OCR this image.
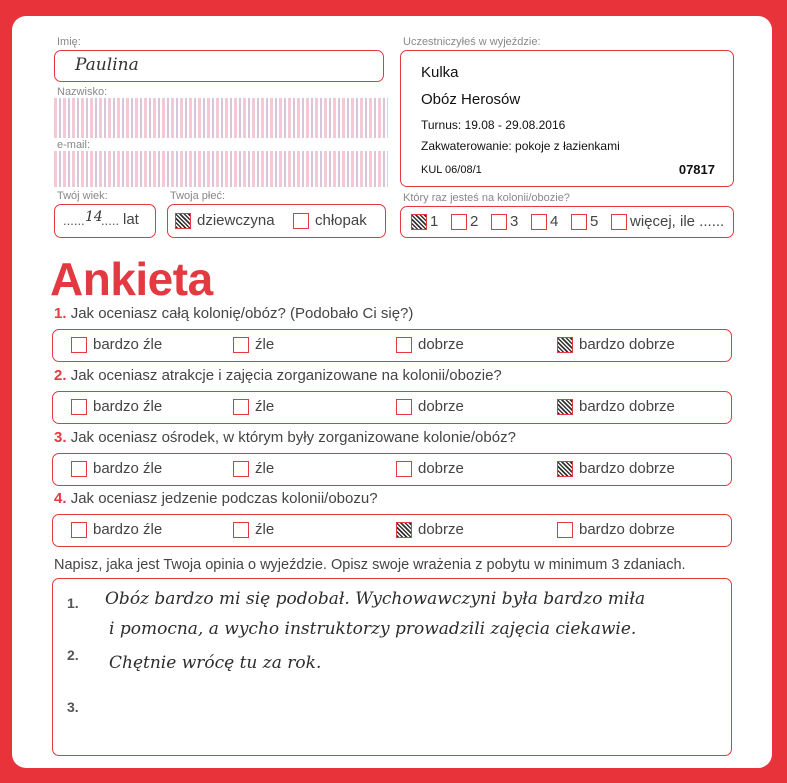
Imię:
Paulina
Nazwisko:
e-mail:
Twój wiek:
...... 14
..... lat
Twoja płeć:
dziewczyna	chłopak
Uczestniczyłeś w wyjeździe:
Kulka
Obóz Herosów
Turnus: 19.08 - 29.08.2016
Zakwaterowanie: pokoje z łazienkami
KUL 06/08/1	07817
Który raz jesteś na kolonii/obozie?
1 2 3 4 5 więcej, ile ......
Ankieta
1. Jak oceniasz całą kolonię/obóz? (Podobało Ci się?)
bardzo źle	źle	dobrze	bardzo dobrze
2. Jak oceniasz atrakcje i zajęcia zorganizowane na kolonii/obozie?
bardzo źle	źle	dobrze	bardzo dobrze
3. Jak oceniasz ośrodek, w którym były zorganizowane kolonie/obóz?
bardzo źle	źle	dobrze	bardzo dobrze
4. Jak oceniasz jedzenie podczas kolonii/obozu?
bardzo źle	źle	dobrze	bardzo dobrze
Napisz, jaka jest Twoja opinia o wyjeździe. Opisz swoje wrażenia z pobytu w minimum 3 zdaniach.
1.
2.
3.
Obóz bardzo mi się podobał. Wychowawczyni była bardzo miła
i pomocna, a wycho instruktorzy prowadzili zajęcia ciekawie.
Chętnie wrócę tu za rok.
